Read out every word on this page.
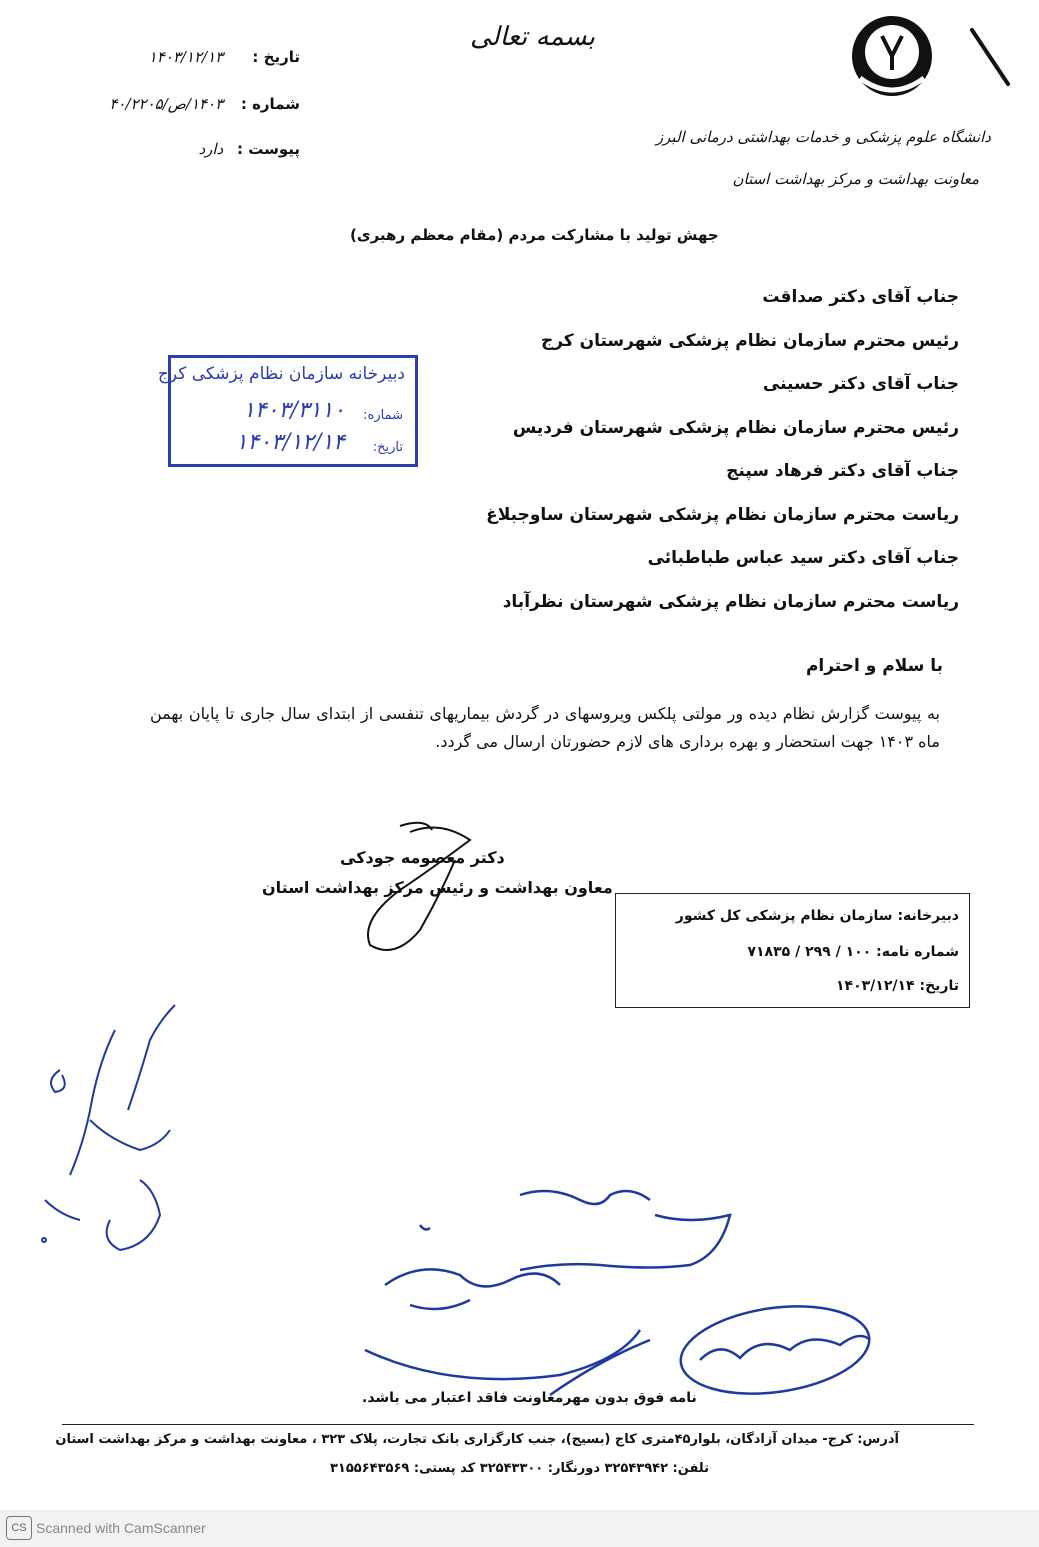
بسمه تعالی
تاریخ : ۱۴۰۳/۱۲/۱۳
شماره : ۱۴۰۳/ص/۴۰/۲۲۰۵
پیوست : دارد
دانشگاه علوم پزشکی و خدمات بهداشتی درمانی البرز
معاونت بهداشت و مرکز بهداشت استان
جهش تولید با مشارکت مردم (مقام معظم رهبری)
جناب آقای دکتر صداقت
رئیس محترم سازمان نظام پزشکی شهرستان کرج
جناب آقای دکتر حسینی
رئیس محترم سازمان نظام پزشکی شهرستان فردیس
جناب آقای دکتر فرهاد سپنج
ریاست محترم سازمان نظام پزشکی شهرستان ساوجبلاغ
جناب آقای دکتر سید عباس طباطبائی
ریاست محترم سازمان نظام پزشکی شهرستان نظرآباد
دبیرخانه سازمان نظام پزشکی کرج
شماره:
۱۴۰۳/۳۱۱۰
تاریخ:
۱۴۰۳/۱۲/۱۴
با سلام و احترام
به پیوست گزارش نظام دیده ور مولتی پلکس ویروسهای در گردش بیماریهای تنفسی از ابتدای سال جاری تا پایان بهمن ماه ۱۴۰۳ جهت استحضار و بهره برداری های لازم حضورتان ارسال می گردد.
دکتر معصومه جودکی
معاون بهداشت و رئیس مرکز بهداشت استان
دبیرخانه: سازمان نظام پزشکی کل کشور
شماره نامه: ۱۰۰ / ۲۹۹ / ۷۱۸۳۵
تاریخ: ۱۴۰۳/۱۲/۱۴
نامه فوق بدون مهرمعاونت فاقد اعتبار می باشد.
آدرس: کرج- میدان آزادگان، بلوار۴۵متری کاج (بسیج)، جنب کارگزاری بانک تجارت، پلاک ۳۲۳ ، معاونت بهداشت و مرکز بهداشت استان
تلفن: ۳۲۵۴۳۹۴۲ دورنگار: ۳۲۵۴۳۳۰۰ کد پستی: ۳۱۵۵۶۴۳۵۶۹
CS Scanned with CamScanner
